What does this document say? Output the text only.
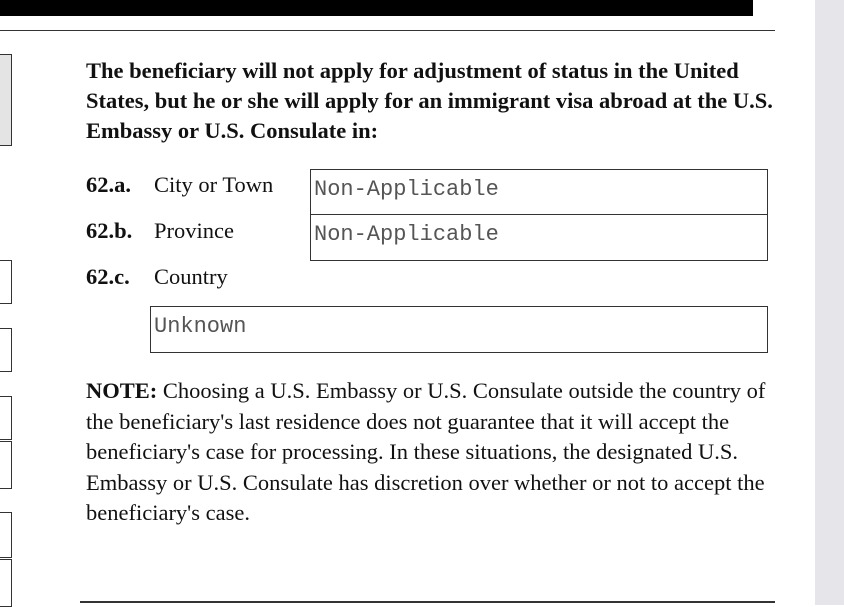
The beneficiary will not apply for adjustment of status in the United States, but he or she will apply for an immigrant visa abroad at the U.S. Embassy or U.S. Consulate in:

62.a. City or Town Non-Applicable
62.b. Province	Non-Applicable
62.c. Country
Unknown

NOTE: Choosing a U.S. Embassy or U.S. Consulate outside the country of the beneficiary's last residence does not guarantee that it will accept the beneficiary's case for processing. In these situations, the designated U.S. Embassy or U.S. Consulate has discretion over whether or not to accept the beneficiary's case.
